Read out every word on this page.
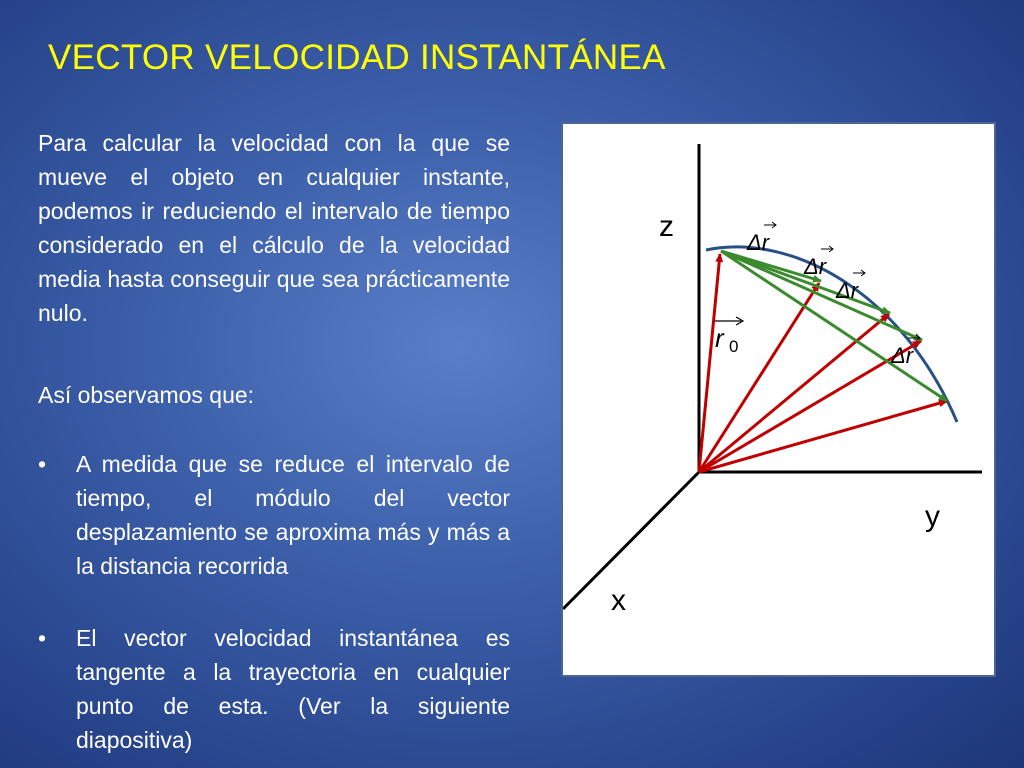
VECTOR VELOCIDAD INSTANTÁNEA
Para calcular la velocidad con la que se mueve el objeto en cualquier instante, podemos ir reduciendo el intervalo de tiempo considerado en el cálculo de la velocidad media hasta conseguir que sea prácticamente nulo.
Así observamos que:
• A medida que se reduce el intervalo de tiempo, el módulo del vector desplazamiento se aproxima más y más a la distancia recorrida
• El vector velocidad instantánea es tangente a la trayectoria en cualquier punto de esta. (Ver la siguiente diapositiva)
z
y
x
r 0
Δr
Δr
Δr
Δr
